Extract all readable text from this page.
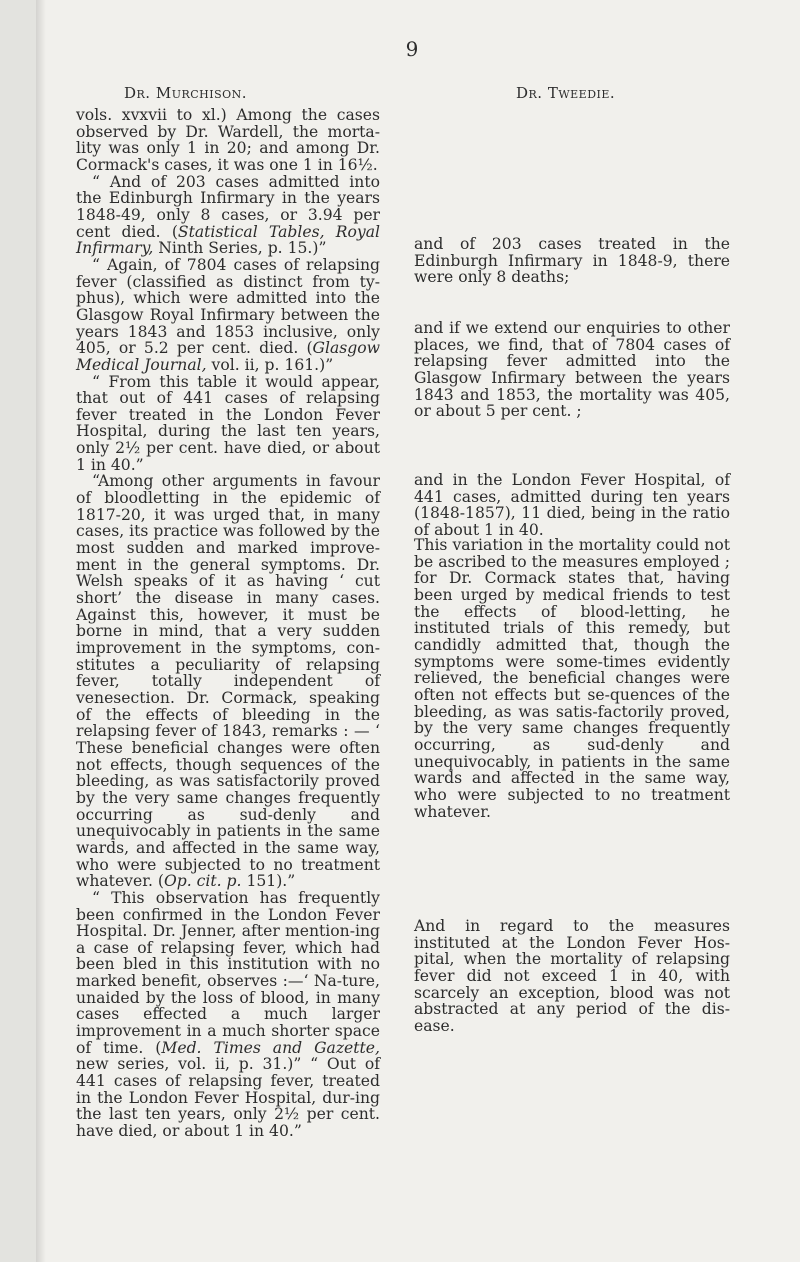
9
Dr. Murchison.	Dr. Tweedie.

vols. xvxvii to xl.) Among the cases observed by Dr. Wardell, the morta-lity was only 1 in 20; and among Dr. Cormack's cases, it was one 1 in 16½.

“ And of 203 cases admitted into the Edinburgh Infirmary in the years 1848-49, only 8 cases, or 3.94 per cent died. (Statistical Tables, Royal Infirmary, Ninth Series, p. 15.)”

“ Again, of 7804 cases of relapsing fever (classified as distinct from ty-phus), which were admitted into the Glasgow Royal Infirmary between the years 1843 and 1853 inclusive, only 405, or 5.2 per cent. died. (Glasgow Medical Journal, vol. ii, p. 161.)”

“ From this table it would appear, that out of 441 cases of relapsing fever treated in the London Fever Hospital, during the last ten years, only 2½ per cent. have died, or about 1 in 40.”

“Among other arguments in favour of bloodletting in the epidemic of 1817-20, it was urged that, in many cases, its practice was followed by the most sudden and marked improve-ment in the general symptoms. Dr. Welsh speaks of it as having ‘ cut short’ the disease in many cases. Against this, however, it must be borne in mind, that a very sudden improvement in the symptoms, con-stitutes a peculiarity of relapsing fever, totally independent of venesection. Dr. Cormack, speaking of the effects of bleeding in the relapsing fever of 1843, remarks : — ‘ These beneficial changes were often not effects, though sequences of the bleeding, as was satisfactorily proved by the very same changes frequently occurring as sud-denly and unequivocably in patients in the same wards, and affected in the same way, who were subjected to no treatment whatever. (Op. cit. p. 151).”

“ This observation has frequently been confirmed in the London Fever Hospital. Dr. Jenner, after mention-ing a case of relapsing fever, which had been bled in this institution with no marked benefit, observes :—‘ Na-ture, unaided by the loss of blood, in many cases effected a much larger improvement in a much shorter space of time. (Med. Times and Gazette, new series, vol. ii, p. 31.)” “ Out of 441 cases of relapsing fever, treated in the London Fever Hospital, dur-ing the last ten years, only 2½ per cent. have died, or about 1 in 40.”

and of 203 cases treated in the Edinburgh Infirmary in 1848-9, there were only 8 deaths;

and if we extend our enquiries to other places, we find, that of 7804 cases of relapsing fever admitted into the Glasgow Infirmary between the years 1843 and 1853, the mortality was 405, or about 5 per cent. ;

and in the London Fever Hospital, of 441 cases, admitted during ten years (1848-1857), 11 died, being in the ratio of about 1 in 40.

This variation in the mortality could not be ascribed to the measures employed ; for Dr. Cormack states that, having been urged by medical friends to test the effects of blood-letting, he instituted trials of this remedy, but candidly admitted that, though the symptoms were some-times evidently relieved, the beneficial changes were often not effects but se-quences of the bleeding, as was satis-factorily proved, by the very same changes frequently occurring, as sud-denly and unequivocably, in patients in the same wards and affected in the same way, who were subjected to no treatment whatever.

And in regard to the measures instituted at the London Fever Hos-pital, when the mortality of relapsing fever did not exceed 1 in 40, with scarcely an exception, blood was not abstracted at any period of the dis-ease.
